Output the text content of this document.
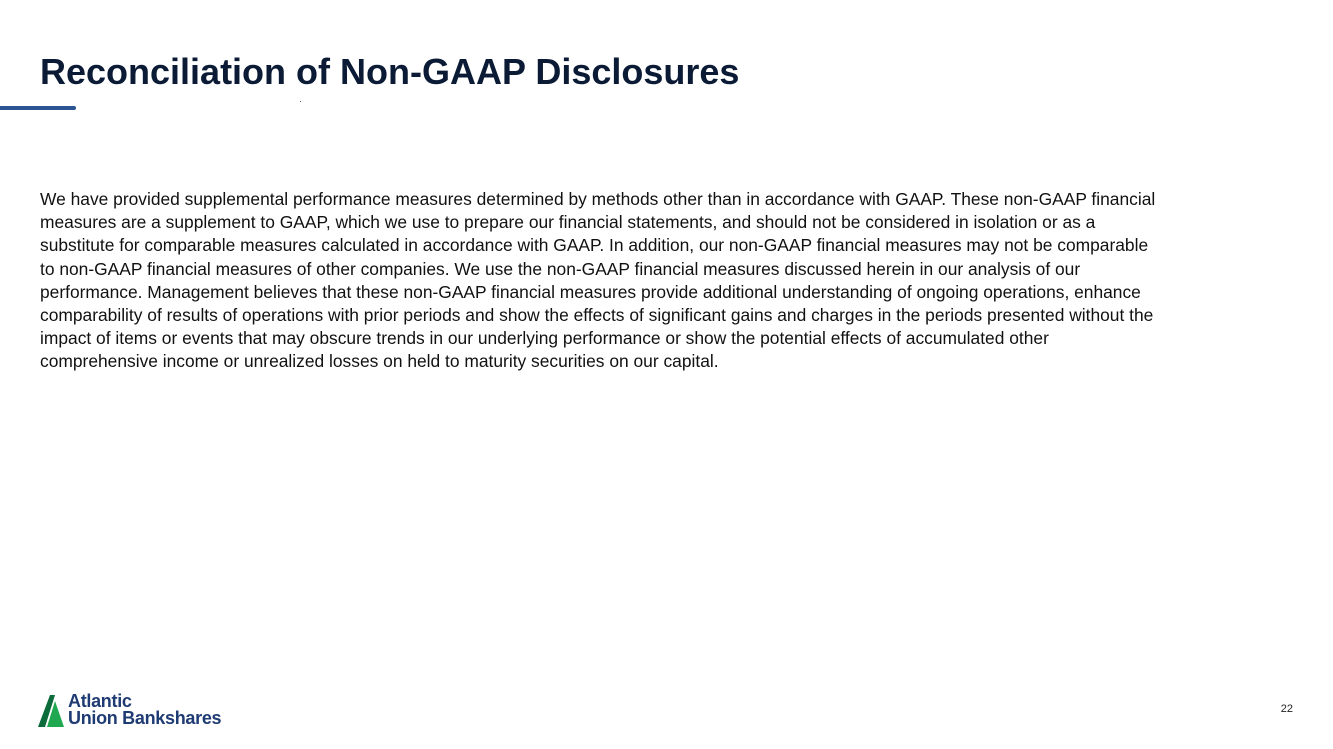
Reconciliation of Non-GAAP Disclosures

We have provided supplemental performance measures determined by methods other than in accordance with GAAP. These non-GAAP financial
measures are a supplement to GAAP, which we use to prepare our financial statements, and should not be considered in isolation or as a
substitute for comparable measures calculated in accordance with GAAP. In addition, our non-GAAP financial measures may not be comparable
to non-GAAP financial measures of other companies. We use the non-GAAP financial measures discussed herein in our analysis of our
performance. Management believes that these non-GAAP financial measures provide additional understanding of ongoing operations, enhance
comparability of results of operations with prior periods and show the effects of significant gains and charges in the periods presented without the
impact of items or events that may obscure trends in our underlying performance or show the potential effects of accumulated other
comprehensive income or unrealized losses on held to maturity securities on our capital.

Atlantic
Union Bankshares	22
